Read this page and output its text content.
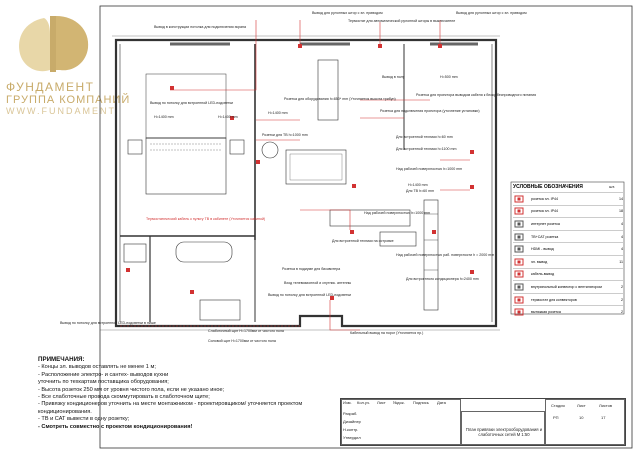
ФУНДАМЕНТ
ГРУППА КОМПАНИЙ
WWW.FUNDAMENT
Вывод в конструкции потолка для подключения экрана
Вывод для рулонных штор с эл. приводом
Термостат для автоматической рулонной шторы в выключателе
Вывод для рулонных штор с эл. приводом
Вывод по потолку для встроенной LED-подсветки
Розетка для оборудования h=850* mm (Уточняется высота трибун)
Розетка для проектора выводом кабеля к блоку беспроводного питания
Розетка для подключения проектора (уточнение установки)
Розетки для ТВ h=1000 mm
Вывод в полу
Для встроенной техники h=60 mm
Для встроенной техники h=1100 mm
Над рабочей поверхностью h=1000 mm
Для ТВ h=60 mm
Над рабочей поверхностью h=1000 mm
Для встроенной техники на островке
Над рабочей поверхностью раб. поверхности h = 2000 mm
Для встроенного кондиционера h=2400 mm
Розетка в подиуме для бисквитера
Вход телевизионной и спутник. антенны
Вывод по потолку для встроенной LED-подсветки
Термостатический кабель к пульту ТВ в кабинете (Уточняется кабиной)
Слаботочный щит Н=1700мм от чистого пола
Силовой щит Н=1700мм от чистого пола
Вывод по потолку для встроенной LED-подсветки в нише
Кабельный вывод на порог (Уточняется пр.)
H=1400 mm	H=1400 mm
H=1400 mm
H=500 mm
H=1400 mm	УСЛОВНЫЕ ОБОЗНАЧЕНИЯ	шт.
розетка эл. IP44	14
розетка эл. IP44	18
интернет розетка	4
ТВ+САТ розетка	4
HDMI - вывод	4
эл. вывод	11
кабель-вывод
внутрипольный конвектор с вентилятором	2
термостат для конвекторов	2
вытяжкая розетка	2
ПРИМЕЧАНИЯ:
- Концы эл. выводов оставлять не менее 1 м;
- Расположение электро- и сантех- выводов кухни
уточнить по техкартам поставщика оборудования;
- Высота розеток 250 мм от уровня чистого пола, если не указано иное;
- Все слаботочные провода скоммутировать в слаботочном щите;
- Привязку кондиционеров уточнить на месте монтажником - проектировщиком/ уточняется проектом кондиционирования.
- ТВ и САТ вывести в одну розетку;
- Смотреть совместно с проектом кондиционирования!
Изм. Кол.уч. Лист №док. Подпись Дата
Разраб.
Дизайнер
Н.контр.
Утвердил
План привязки электрооборудования и слаботочных сетей М 1:50
Стадия	Лист	Листов
РП	10	17
